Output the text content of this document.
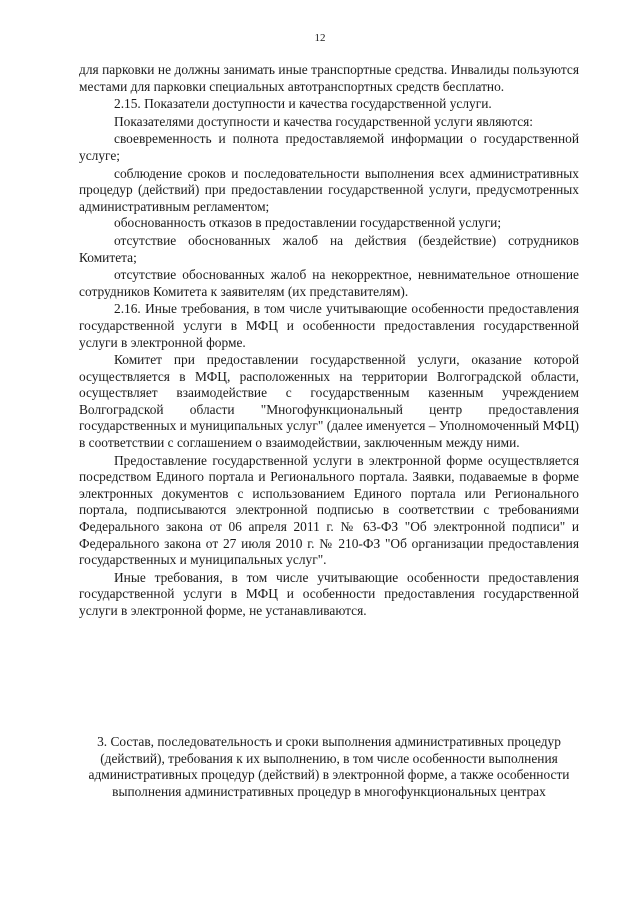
12

для парковки не должны занимать иные транспортные средства. Инвалиды пользуются местами для парковки специальных автотранспортных средств бесплатно.

2.15. Показатели доступности и качества государственной услуги.

Показателями доступности и качества государственной услуги являются:

своевременность и полнота предоставляемой информации о государственной услуге;

соблюдение сроков и последовательности выполнения всех административных процедур (действий) при предоставлении государственной услуги, предусмотренных административным регламентом;

обоснованность отказов в предоставлении государственной услуги;

отсутствие обоснованных жалоб на действия (бездействие) сотрудников Комитета;

отсутствие обоснованных жалоб на некорректное, невнимательное отношение сотрудников Комитета к заявителям (их представителям).

2.16. Иные требования, в том числе учитывающие особенности предоставления государственной услуги в МФЦ и особенности предоставления государственной услуги в электронной форме.

Комитет при предоставлении государственной услуги, оказание которой осуществляется в МФЦ, расположенных на территории Волгоградской области, осуществляет взаимодействие с государственным казенным учреждением Волгоградской области "Многофункциональный центр предоставления государственных и муниципальных услуг" (далее именуется – Уполномоченный МФЦ) в соответствии с соглашением о взаимодействии, заключенным между ними.

Предоставление государственной услуги в электронной форме осуществляется посредством Единого портала и Регионального портала. Заявки, подаваемые в форме электронных документов с использованием Единого портала или Регионального портала, подписываются электронной подписью в соответствии с требованиями Федерального закона от 06 апреля 2011 г. № 63-ФЗ "Об электронной подписи" и Федерального закона от 27 июля 2010 г. № 210-ФЗ "Об организации предоставления государственных и муниципальных услуг".

Иные требования, в том числе учитывающие особенности предоставления государственной услуги в МФЦ и особенности предоставления государственной услуги в электронной форме, не устанавливаются.

3. Состав, последовательность и сроки выполнения административных процедур (действий), требования к их выполнению, в том числе особенности выполнения административных процедур (действий) в электронной форме, а также особенности выполнения административных процедур в многофункциональных центрах
